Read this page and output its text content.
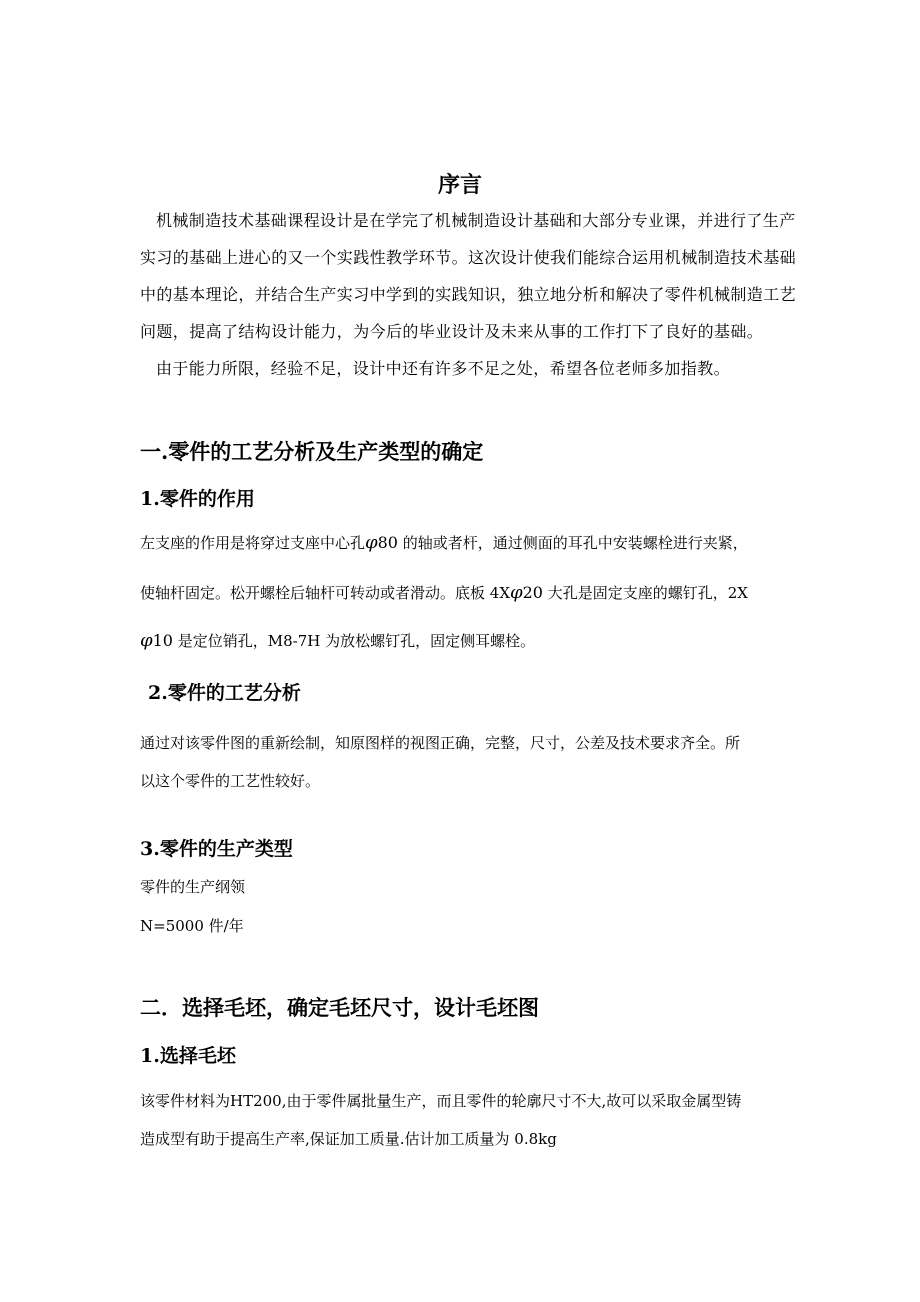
序言
机械制造技术基础课程设计是在学完了机械制造设计基础和大部分专业课，并进行了生产
实习的基础上进心的又一个实践性教学环节。这次设计使我们能综合运用机械制造技术基础
中的基本理论，并结合生产实习中学到的实践知识，独立地分析和解决了零件机械制造工艺
问题，提高了结构设计能力，为今后的毕业设计及未来从事的工作打下了良好的基础。
由于能力所限，经验不足，设计中还有许多不足之处，希望各位老师多加指教。
一.零件的工艺分析及生产类型的确定
1.零件的作用
左支座的作用是将穿过支座中心孔φ80 的轴或者杆，通过侧面的耳孔中安装螺栓进行夹紧，
使轴杆固定。松开螺栓后轴杆可转动或者滑动。底板 4Xφ20 大孔是固定支座的螺钉孔，2X
φ10 是定位销孔，M8-7H 为放松螺钉孔，固定侧耳螺栓。
2.零件的工艺分析
通过对该零件图的重新绘制，知原图样的视图正确，完整，尺寸，公差及技术要求齐全。所
以这个零件的工艺性较好。
3.零件的生产类型
零件的生产纲领
N=5000 件/年
二．选择毛坯，确定毛坯尺寸，设计毛坯图
1.选择毛坯
该零件材料为HT200,由于零件属批量生产，而且零件的轮廓尺寸不大,故可以采取金属型铸
造成型有助于提高生产率,保证加工质量.估计加工质量为 0.8kg
